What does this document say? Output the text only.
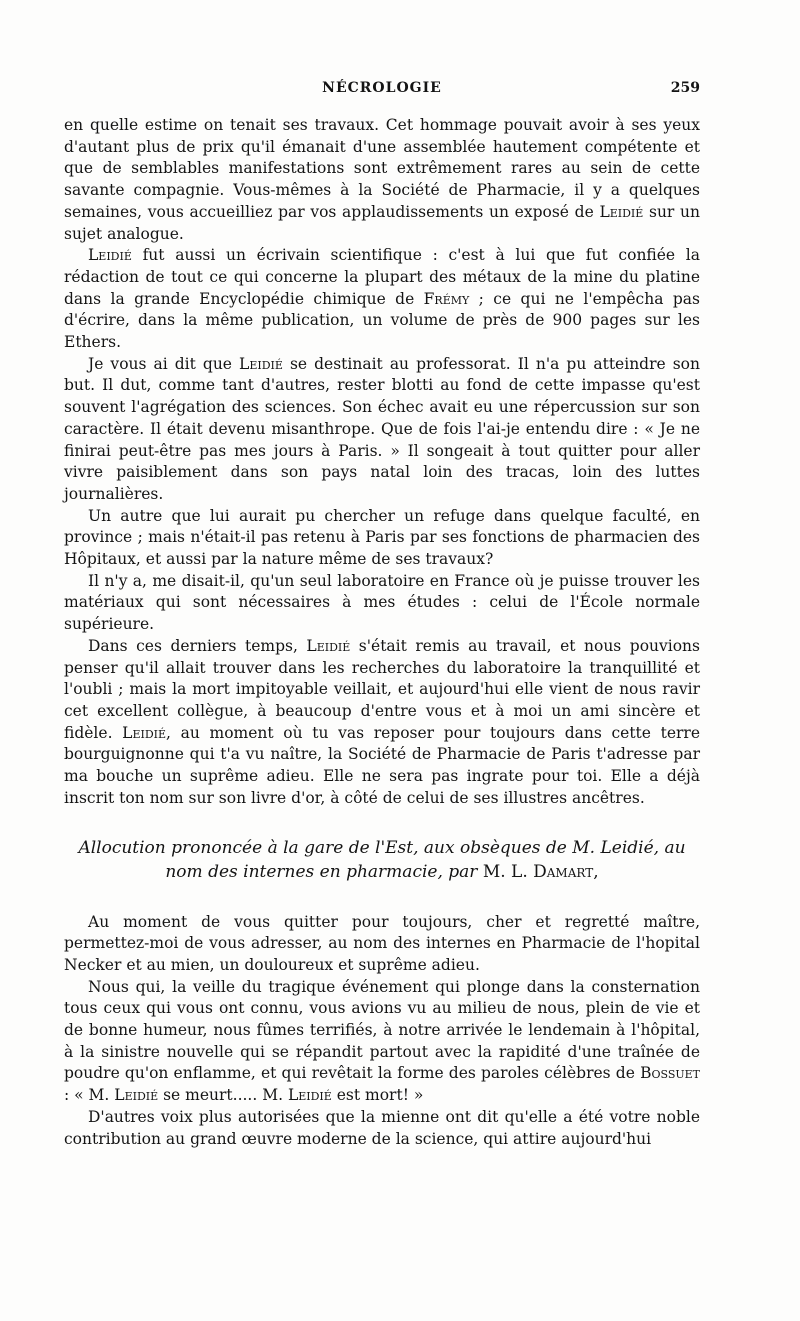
NÉCROLOGIE	259

en quelle estime on tenait ses travaux. Cet hommage pouvait avoir à ses yeux d'autant plus de prix qu'il émanait d'une assemblée hautement compétente et que de semblables manifestations sont extrêmement rares au sein de cette savante compagnie. Vous-mêmes à la Société de Pharmacie, il y a quelques semaines, vous accueilliez par vos applaudissements un exposé de Leidié sur un sujet analogue.

Leidié fut aussi un écrivain scientifique : c'est à lui que fut confiée la rédaction de tout ce qui concerne la plupart des métaux de la mine du platine dans la grande Encyclopédie chimique de Frémy ; ce qui ne l'empêcha pas d'écrire, dans la même publication, un volume de près de 900 pages sur les Ethers.

Je vous ai dit que Leidié se destinait au professorat. Il n'a pu atteindre son but. Il dut, comme tant d'autres, rester blotti au fond de cette impasse qu'est souvent l'agrégation des sciences. Son échec avait eu une répercussion sur son caractère. Il était devenu misanthrope. Que de fois l'ai-je entendu dire : « Je ne finirai peut-être pas mes jours à Paris. » Il songeait à tout quitter pour aller vivre paisiblement dans son pays natal loin des tracas, loin des luttes journalières.

Un autre que lui aurait pu chercher un refuge dans quelque faculté, en province ; mais n'était-il pas retenu à Paris par ses fonctions de pharmacien des Hôpitaux, et aussi par la nature même de ses travaux?

Il n'y a, me disait-il, qu'un seul laboratoire en France où je puisse trouver les matériaux qui sont nécessaires à mes études : celui de l'École normale supérieure.

Dans ces derniers temps, Leidié s'était remis au travail, et nous pouvions penser qu'il allait trouver dans les recherches du laboratoire la tranquillité et l'oubli ; mais la mort impitoyable veillait, et aujourd'hui elle vient de nous ravir cet excellent collègue, à beaucoup d'entre vous et à moi un ami sincère et fidèle. Leidié, au moment où tu vas reposer pour toujours dans cette terre bourguignonne qui t'a vu naître, la Société de Pharmacie de Paris t'adresse par ma bouche un suprême adieu. Elle ne sera pas ingrate pour toi. Elle a déjà inscrit ton nom sur son livre d'or, à côté de celui de ses illustres ancêtres.

Allocution prononcée à la gare de l'Est, aux obsèques de M. Leidié, au nom des internes en pharmacie, par M. L. Damart,

Au moment de vous quitter pour toujours, cher et regretté maître, permettez-moi de vous adresser, au nom des internes en Pharmacie de l'hopital Necker et au mien, un douloureux et suprême adieu.

Nous qui, la veille du tragique événement qui plonge dans la consternation tous ceux qui vous ont connu, vous avions vu au milieu de nous, plein de vie et de bonne humeur, nous fûmes terrifiés, à notre arrivée le lendemain à l'hôpital, à la sinistre nouvelle qui se répandit partout avec la rapidité d'une traînée de poudre qu'on enflamme, et qui revêtait la forme des paroles célèbres de Bossuet : « M. Leidié se meurt..... M. Leidié est mort! »

D'autres voix plus autorisées que la mienne ont dit qu'elle a été votre noble contribution au grand œuvre moderne de la science, qui attire aujourd'hui
